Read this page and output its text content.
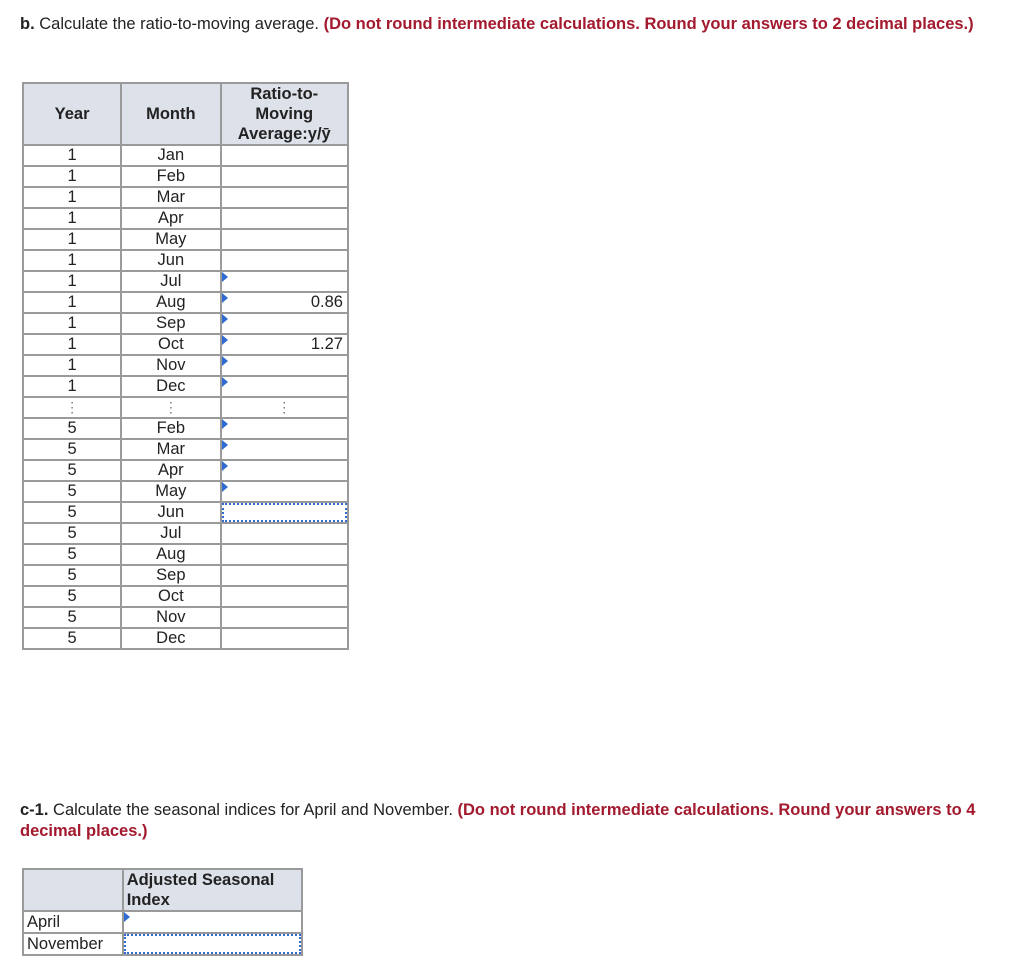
b. Calculate the ratio-to-moving average. (Do not round intermediate calculations. Round your answers to 2 decimal places.)
Year	Month	Ratio-to-
Moving
Average:y/ȳ
1	Jan	
1	Feb	
1	Mar	
1	Apr	
1	May	
1	Jun	
1	Jul	

1	Aug	0.86
1	Sep	

1	Oct	1.27
1	Nov	

1	Dec	

⋮	⋮	⋮
5	Feb	

5	Mar	

5	Apr	

5	May	

5	Jun	
5	Jul	
5	Aug	
5	Sep	
5	Oct	
5	Nov	
5	Dec	
c-1. Calculate the seasonal indices for April and November. (Do not round intermediate calculations. Round your answers to 4 decimal places.)
	Adjusted Seasonal Index
April	

November	
